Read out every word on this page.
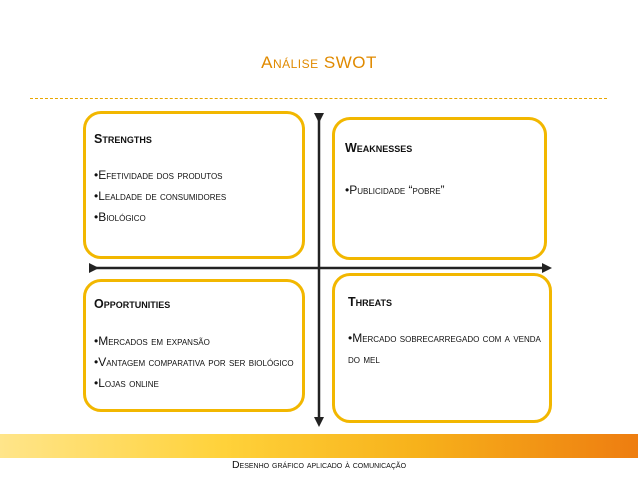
Análise SWOT
Strengths
•Efetividade dos produtos
•Lealdade de consumidores
•Biológico
Weaknesses
•Publicidade “pobre”
Opportunities
•Mercados em expansão
•Vantagem comparativa por ser biológico
•Lojas online
Threats
•Mercado sobrecarregado com a venda do mel
Desenho gráfico aplicado à comunicação
